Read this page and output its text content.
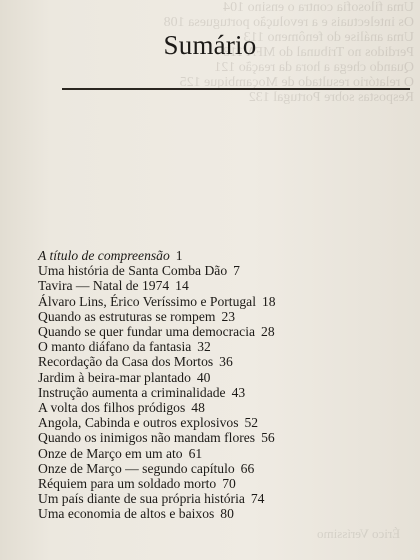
Uma filosofia contra o ensino 104
Os intelectuais e a revolução portuguesa 108
Uma análise do fenômeno 113
Perdidos no Tribunal do MFA 118
Quando chega a hora da reação 121
O relatório resultado de Moçambique 125
Respostas sobre Portugal 132
Érico Veríssimo
Sumário
A título de compreensão 1
Uma história de Santa Comba Dão 7
Tavira — Natal de 1974 14
Álvaro Lins, Érico Veríssimo e Portugal 18
Quando as estruturas se rompem 23
Quando se quer fundar uma democracia 28
O manto diáfano da fantasia 32
Recordação da Casa dos Mortos 36
Jardim à beira-mar plantado 40
Instrução aumenta a criminalidade 43
A volta dos filhos pródigos 48
Angola, Cabinda e outros explosivos 52
Quando os inimigos não mandam flores 56
Onze de Março em um ato 61
Onze de Março — segundo capítulo 66
Réquiem para um soldado morto 70
Um país diante de sua própria história 74
Uma economia de altos e baixos 80
